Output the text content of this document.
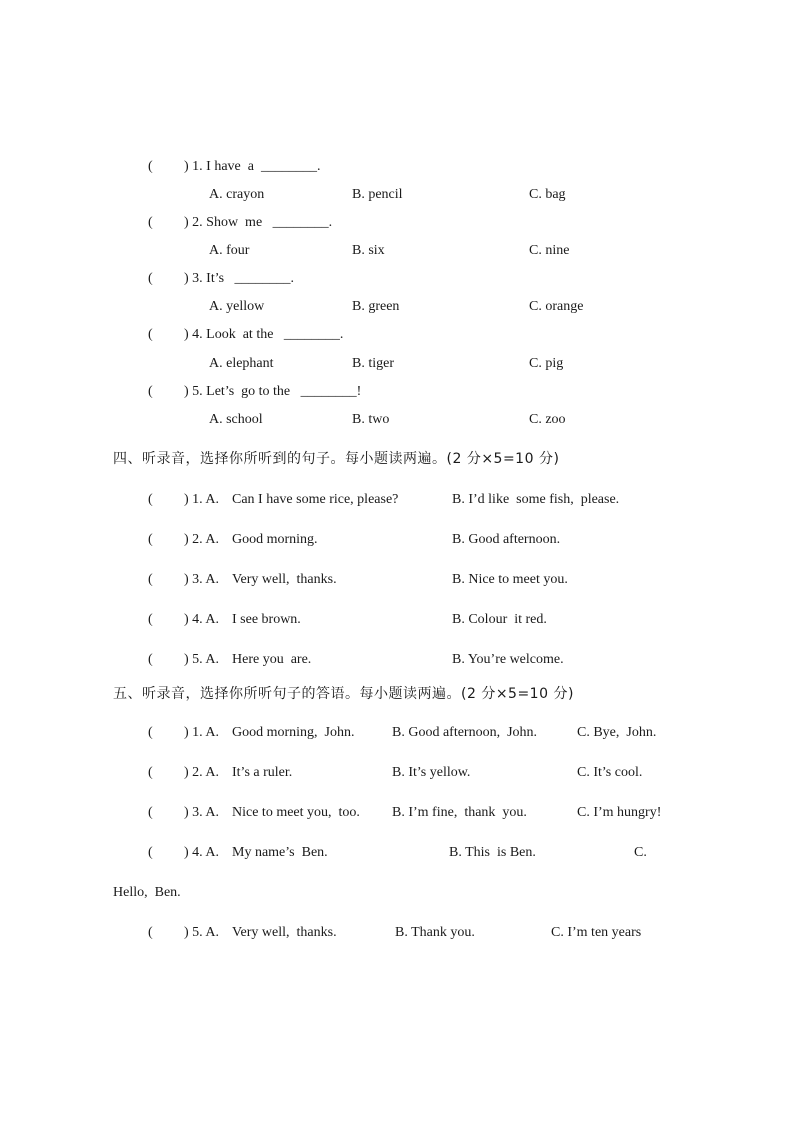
( ) 1. I have  a  ________.
A. crayon	B. pencil	C. bag
( ) 2. Show  me   ________.
A. four	B. six	C. nine
( ) 3. It’s   ________.
A. yellow	B. green	C. orange
( ) 4. Look  at the   ________.
A. elephant	B. tiger	C. pig
( ) 5. Let’s  go to the   ________!
A. school	B. two	C. zoo
四、听录音，选择你所听到的句子。每小题读两遍。(2 分×5=10 分)
( ) 1. A. Can I have some rice, please?	B. I’d like  some fish,  please.
( ) 2. A. Good morning.	B. Good afternoon.
( ) 3. A. Very well,  thanks.	B. Nice to meet you.
( ) 4. A. I see brown.	B. Colour  it red.
( ) 5. A. Here you  are.	B. You’re welcome.
五、听录音，选择你所听句子的答语。每小题读两遍。(2 分×5=10 分)
( ) 1. A. Good morning,  John.	B. Good afternoon,  John.	C. Bye,  John.
( ) 2. A. It’s a ruler.	B. It’s yellow.	C. It’s cool.
( ) 3. A. Nice to meet you,  too. B. I’m fine,  thank  you.	C. I’m hungry!
( ) 4. A. My name’s  Ben.	B. This  is Ben.	C.
Hello,  Ben.
( ) 5. A. Very well,  thanks.	B. Thank you.	C. I’m ten years
